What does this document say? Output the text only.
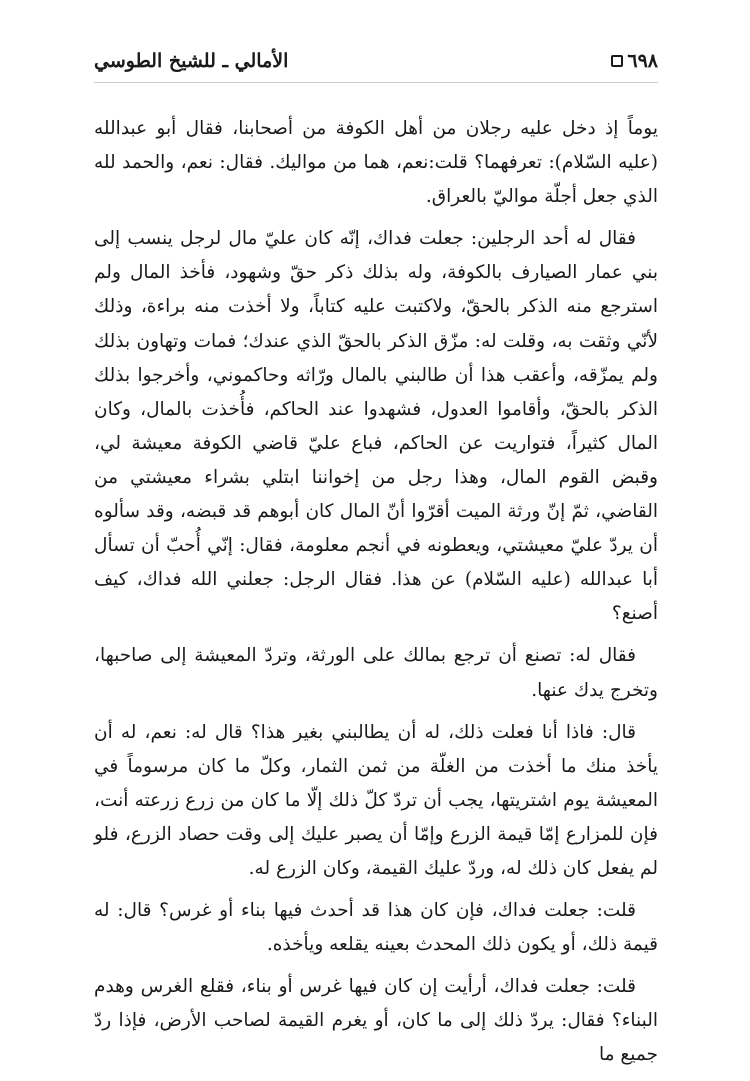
٦٩٨
الأمالي ـ للشيخ الطوسي

يوماً إذ دخل عليه رجلان من أهل الكوفة من أصحابنا، فقال أبو عبدالله (عليه السّلام): تعرفهما؟ قلت:نعم، هما من مواليك. فقال: نعم، والحمد لله الذي جعل أجلّة مواليّ بالعراق.

فقال له أحد الرجلين: جعلت فداك، إنّه كان عليّ مال لرجل ينسب إلى بني عمار الصيارف بالكوفة، وله بذلك ذكر حقّ وشهود، فأخذ المال ولم استرجع منه الذكر بالحقّ، ولاكتبت عليه كتاباً، ولا أخذت منه براءة، وذلك لأنّي وثقت به، وقلت له: مزّق الذكر بالحقّ الذي عندك؛ فمات وتهاون بذلك ولم يمزّقه، وأعقب هذا أن طالبني بالمال ورّاثه وحاكموني، وأخرجوا بذلك الذكر بالحقّ، وأقاموا العدول، فشهدوا عند الحاكم، فأُخذت بالمال، وكان المال كثيراً، فتواريت عن الحاكم، فباع عليّ قاضي الكوفة معيشة لي، وقبض القوم المال، وهذا رجل من إخواننا ابتلي بشراء معيشتي من القاضي، ثمّ إنّ ورثة الميت أقرّوا أنّ المال كان أبوهم قد قبضه، وقد سألوه أن يردّ عليّ معيشتي، ويعطونه في أنجم معلومة، فقال: إنّي أُحبّ أن تسأل أبا عبدالله (عليه السّلام) عن هذا. فقال الرجل: جعلني الله فداك، كيف أصنع؟

فقال له: تصنع أن ترجع بمالك على الورثة، وتردّ المعيشة إلى صاحبها، وتخرج يدك عنها.

قال: فاذا أنا فعلت ذلك، له أن يطالبني بغير هذا؟ قال له: نعم، له أن يأخذ منك ما أخذت من الغلّة من ثمن الثمار، وكلّ ما كان مرسوماً في المعيشة يوم اشتريتها، يجب أن تردّ كلّ ذلك إلّا ما كان من زرع زرعته أنت، فإن للمزارع إمّا قيمة الزرع وإمّا أن يصبر عليك إلى وقت حصاد الزرع، فلو لم يفعل كان ذلك له، وردّ عليك القيمة، وكان الزرع له.

قلت: جعلت فداك، فإن كان هذا قد أحدث فيها بناء أو غرس؟ قال: له قيمة ذلك، أو يكون ذلك المحدث بعينه يقلعه ويأخذه.

قلت: جعلت فداك، أرأيت إن كان فيها غرس أو بناء، فقلع الغرس وهدم البناء؟ فقال: يردّ ذلك إلى ما كان، أو يغرم القيمة لصاحب الأرض، فإذا ردّ جميع ما
